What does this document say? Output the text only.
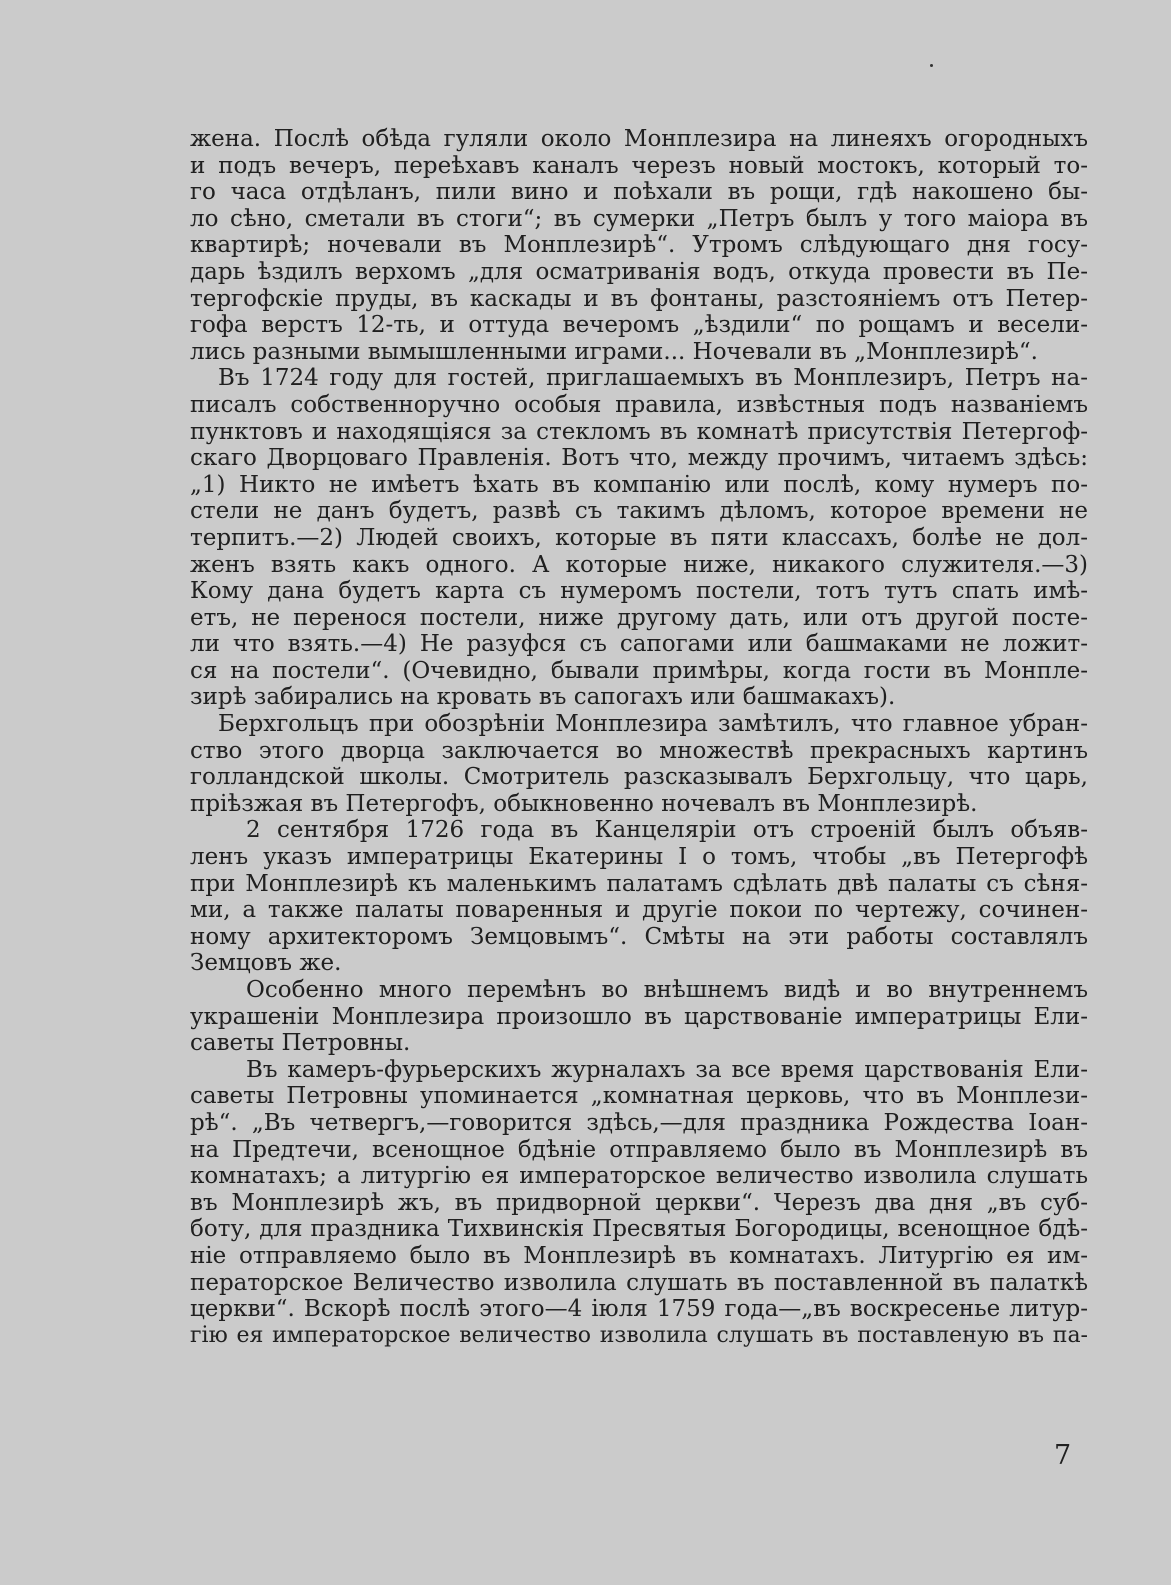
жена. Послѣ обѣда гуляли около Монплезира на линеяхъ огородныхъ
и подъ вечеръ, переѣхавъ каналъ черезъ новый мостокъ, который то-
го часа отдѣланъ, пили вино и поѣхали въ рощи, гдѣ накошено бы-
ло сѣно, сметали въ стоги“; въ сумерки „Петръ былъ у того маіора въ
квартирѣ; ночевали въ Монплезирѣ“. Утромъ слѣдующаго дня госу-
дарь ѣздилъ верхомъ „для осматриванія водъ, откуда провести въ Пе-
тергофскіе пруды, въ каскады и въ фонтаны, разстояніемъ отъ Петер-
гофа верстъ 12-ть, и оттуда вечеромъ „ѣздили“ по рощамъ и весели-
лись разными вымышленными играми... Ночевали въ „Монплезирѣ“.
Въ 1724 году для гостей, приглашаемыхъ въ Монплезиръ, Петръ на-
писалъ собственноручно особыя правила, извѣстныя подъ названіемъ
пунктовъ и находящіяся за стекломъ въ комнатѣ присутствія Петергоф-
скаго Дворцоваго Правленія. Вотъ что, между прочимъ, читаемъ здѣсь:
„1) Никто не имѣетъ ѣхать въ компанію или послѣ, кому нумеръ по-
стели не данъ будетъ, развѣ съ такимъ дѣломъ, которое времени не
терпитъ.—2) Людей своихъ, которые въ пяти классахъ, болѣе не дол-
женъ взять какъ одного. А которые ниже, никакого служителя.—3)
Кому дана будетъ карта съ нумеромъ постели, тотъ тутъ спать имѣ-
етъ, не перенося постели, ниже другому дать, или отъ другой посте-
ли что взять.—4) Не разуфся съ сапогами или башмаками не ложит-
ся на постели“. (Очевидно, бывали примѣры, когда гости въ Монпле-
зирѣ забирались на кровать въ сапогахъ или башмакахъ).
Берхгольцъ при обозрѣніи Монплезира замѣтилъ, что главное убран-
ство этого дворца заключается во множествѣ прекрасныхъ картинъ
голландской школы. Смотритель разсказывалъ Берхгольцу, что царь,
пріѣзжая въ Петергофъ, обыкновенно ночевалъ въ Монплезирѣ.
2 сентября 1726 года въ Канцеляріи отъ строеній былъ объяв-
ленъ указъ императрицы Екатерины I о томъ, чтобы „въ Петергофѣ
при Монплезирѣ къ маленькимъ палатамъ сдѣлать двѣ палаты съ сѣня-
ми, а также палаты поваренныя и другіе покои по чертежу, сочинен-
ному архитекторомъ Земцовымъ“. Смѣты на эти работы составлялъ
Земцовъ же.
Особенно много перемѣнъ во внѣшнемъ видѣ и во внутреннемъ
украшеніи Монплезира произошло въ царствованіе императрицы Ели-
саветы Петровны.
Въ камеръ-фурьерскихъ журналахъ за все время царствованія Ели-
саветы Петровны упоминается „комнатная церковь, что въ Монплези-
рѣ“. „Въ четвергъ,—говорится здѣсь,—для праздника Рождества Іоан-
на Предтечи, всенощное бдѣніе отправляемо было въ Монплезирѣ въ
комнатахъ; а литургію ея императорское величество изволила слушать
въ Монплезирѣ жъ, въ придворной церкви“. Черезъ два дня „въ суб-
боту, для праздника Тихвинскія Пресвятыя Богородицы, всенощное бдѣ-
ніе отправляемо было въ Монплезирѣ въ комнатахъ. Литургію ея им-
ператорское Величество изволила слушать въ поставленной въ палаткѣ
церкви“. Вскорѣ послѣ этого—4 іюля 1759 года—„въ воскресенье литур-
гію ея императорское величество изволила слушать въ поставленую въ па-
7
